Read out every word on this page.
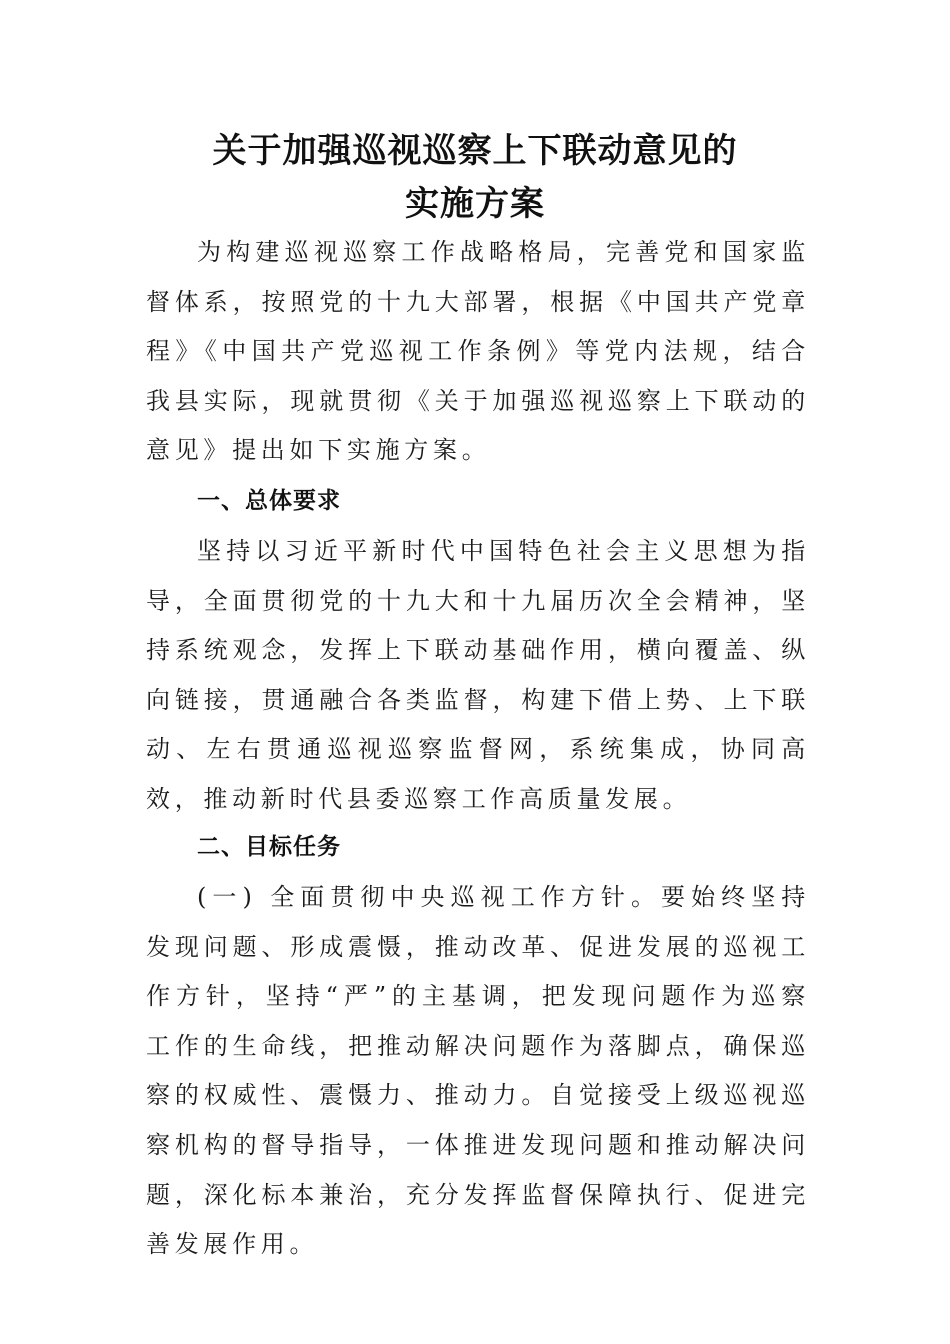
关于加强巡视巡察上下联动意见的
实施方案

为构建巡视巡察工作战略格局，完善党和国家监督体系，按照党的十九大部署，根据《中国共产党章程》《中国共产党巡视工作条例》等党内法规，结合我县实际，现就贯彻《关于加强巡视巡察上下联动的意见》提出如下实施方案。

一、总体要求

坚持以习近平新时代中国特色社会主义思想为指导，全面贯彻党的十九大和十九届历次全会精神，坚持系统观念，发挥上下联动基础作用，横向覆盖、纵向链接，贯通融合各类监督，构建下借上势、上下联动、左右贯通巡视巡察监督网，系统集成，协同高效，推动新时代县委巡察工作高质量发展。

二、目标任务

(一) 全面贯彻中央巡视工作方针。要始终坚持发现问题、形成震慑，推动改革、促进发展的巡视工作方针，坚持“严”的主基调，把发现问题作为巡察工作的生命线，把推动解决问题作为落脚点，确保巡察的权威性、震慑力、推动力。自觉接受上级巡视巡察机构的督导指导，一体推进发现问题和推动解决问题，深化标本兼治，充分发挥监督保障执行、促进完善发展作用。
